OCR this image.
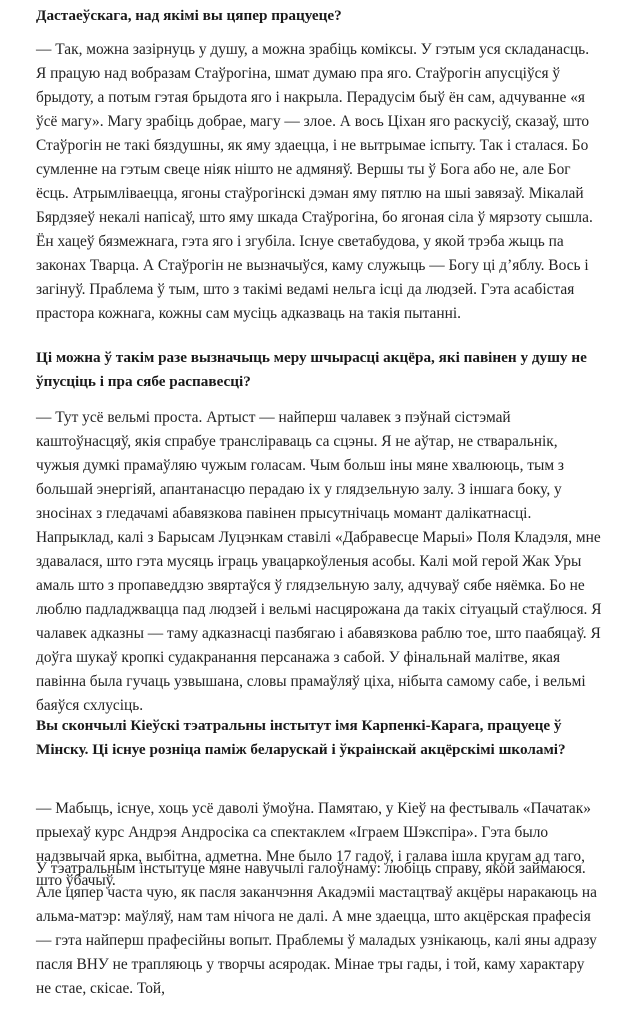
Дастаеўскага, над якімі вы цяпер працуеце?

— Так, можна зазірнуць у душу, а можна зрабіць коміксы. У гэтым уся складанасць. Я працую над вобразам Стаўрогіна, шмат думаю пра яго. Стаўрогін апусціўся ў брыдоту, а потым гэтая брыдота яго і накрыла. Перадусім быў ён сам, адчуваннe «я ўсё магу». Магу зрабіць добрае, магу — злое. А вось Ціхан яго раскусіў, сказаў, што Стаўрогін не такі бяздушны, як яму здаецца, і не вытрымае іспыту. Так і сталася. Бо сумленне на гэтым свеце ніяк нішто не адмяняў. Вершы ты ў Бога або не, але Бог ёсць. Атрымліваецца, ягоны стаўрогінскі дэман яму пятлю на шыі завязаў. Мікалай Бярдзяеў некалі напісаў, што яму шкада Стаўрогіна, бо ягоная сіла ў мярзоту сышла. Ён хацеў бязмежнага, гэта яго і згубіла. Існуе светабудова, у якой трэба жыць па законах Тварца. А Стаўрогін не вызначыўся, каму служыць — Богу ці д’яблу. Вось і загінуў. Праблема ў тым, што з такімі ведамі нельга ісці да людзей. Гэта асабістая прастора кожнага, кожны сам мусіць адказваць на такія пытанні.

Ці можна ў такім разе вызначыць меру шчырасці акцёра, які павінен у душу не ўпусціць і пра сябе распавесці?

— Тут усё вельмі проста. Артыст — найперш чалавек з пэўнай сістэмай каштоўнасцяў, якія спрабуе транслiраваць са сцэны. Я не аўтар, не стваральнік, чужыя думкі прамаўляю чужым голасам. Чым больш іны мяне хвалююць, тым з большай энергіяй, апантанасцю перадаю іх у глядзельную залу. З іншага боку, у зносінах з гледачамі абавязкова павінен прысутнічаць момант далікатнасці. Напрыклад, калі з Барысам Луцэнкам ставілі «Дабравесце Марыі» Поля Кладэля, мне здавалася, што гэта мусяць іграць увацаркоўленыя асобы. Калі мой герой Жак Уры амаль што з пропаведдзю звяртаўся ў глядзельную залу, адчуваў сябе няёмка. Бо не люблю падладжвацца пад людзей і вельмі насцярожана да такіх сітуацый стаўлюся. Я чалавек адказны — таму адказнасці пазбягаю і абавязкова раблю тое, што паабяцаў. Я доўга шукаў кропкі судакранання персанажа з сабой. У фінальнай малітве, якая павінна была гучаць узвышана, словы прамаўляў ціха, нібыта самому сабе, і вельмі баяўся схлусіць.

Вы скончылі Кіеўскі тэатральны інстытут імя Карпенкі-Карага, працуеце ў Мінску. Ці існуе розніца паміж беларускай і ўкраінскай акцёрскімі школамі?

— Мабыць, існуе, хоць усё даволі ўмоўна. Памятаю, у Кіеў на фестываль «Пачатак» прыехаў курс Андрэя Андросіка са спектаклем «Іграем Шэкспіра». Гэта было надзвычай ярка, выбітна, адметна. Мне было 17 гадоў, і галава ішла кругам ад таго, што ўбачыў.

У тэатральным інстытуце мяне навучылі галоўнаму: любіць справу, якой займаюся. Але цяпер часта чую, як пасля заканчэння Акадэміі мастацтваў акцёры наракаюць на альма-матэр: маўляў, нам там нічога не далі. А мне здаецца, што акцёрская прафесія — гэта найперш прафесійны вопыт. Праблемы ў маладых узнікаюць, калі яны адразу пасля ВНУ не трапляюць у творчы асяродак. Мінае тры гады, і той, каму характару не стае, скісае. Той,
